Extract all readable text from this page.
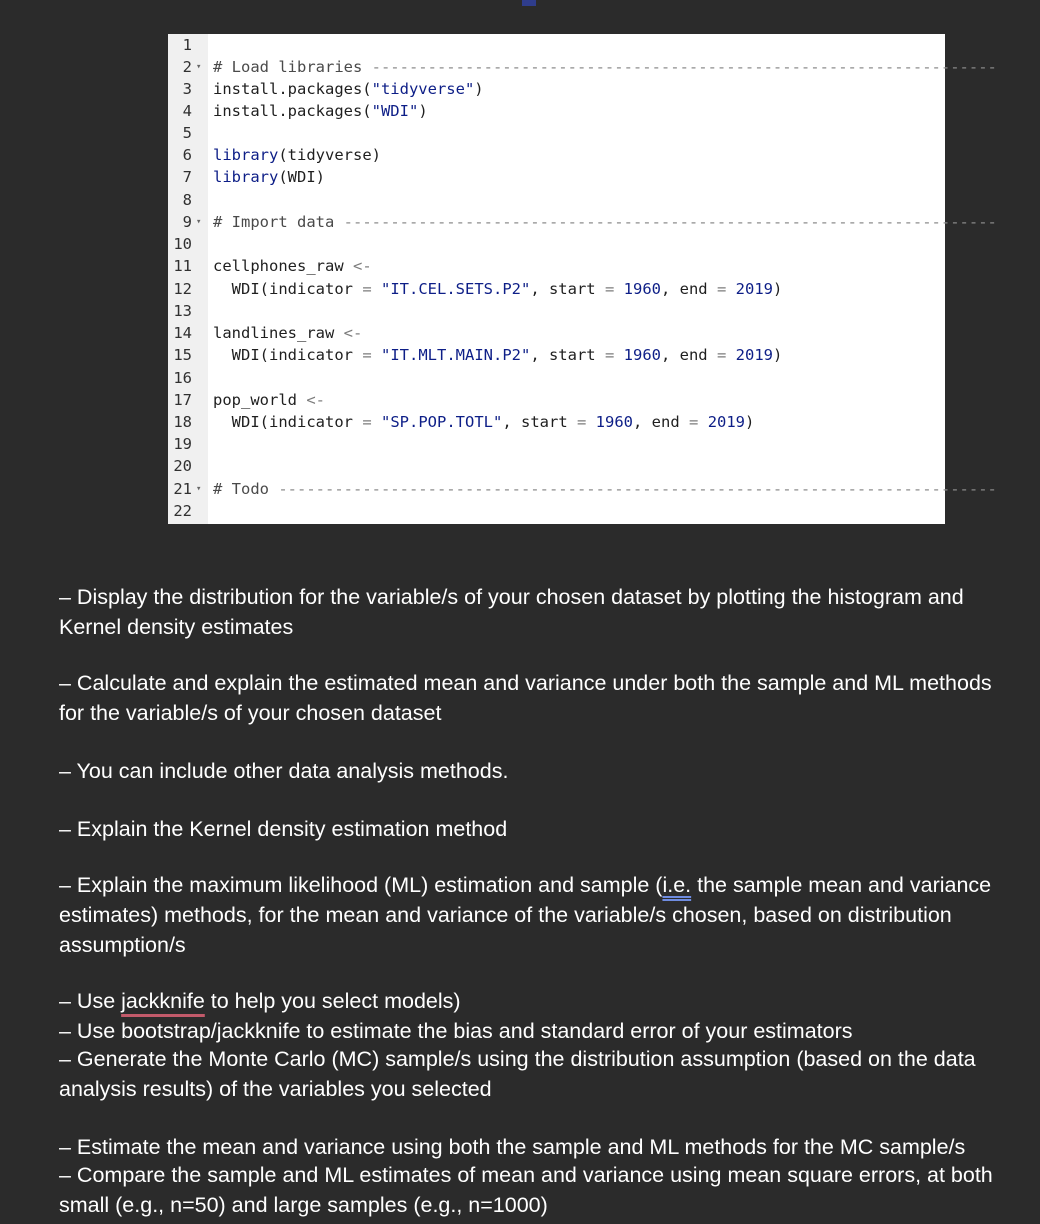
1
2 ▾ # Load libraries -------------------------------------------------------------------
3 install.packages("tidyverse")
4 install.packages("WDI")
5
6 library(tidyverse)
7 library(WDI)
8
9 ▾ # Import data ----------------------------------------------------------------------
10
11 cellphones_raw <-
12 WDI(indicator = "IT.CEL.SETS.P2", start = 1960, end = 2019)
13
14 landlines_raw <-
15 WDI(indicator = "IT.MLT.MAIN.P2", start = 1960, end = 2019)
16
17 pop_world <-
18 WDI(indicator = "SP.POP.TOTL", start = 1960, end = 2019)
19
20
21 ▾ # Todo -----------------------------------------------------------------------------
22
– Display the distribution for the variable/s of your chosen dataset by plotting the histogram and Kernel density estimates
– Calculate and explain the estimated mean and variance under both the sample and ML methods for the variable/s of your chosen dataset
– You can include other data analysis methods.
– Explain the Kernel density estimation method
– Explain the maximum likelihood (ML) estimation and sample (i.e. the sample mean and variance estimates) methods, for the mean and variance of the variable/s chosen, based on distribution assumption/s
– Use jackknife to help you select models)
– Use bootstrap/jackknife to estimate the bias and standard error of your estimators
– Generate the Monte Carlo (MC) sample/s using the distribution assumption (based on the data analysis results) of the variables you selected
– Estimate the mean and variance using both the sample and ML methods for the MC sample/s
– Compare the sample and ML estimates of mean and variance using mean square errors, at both small (e.g., n=50) and large samples (e.g., n=1000)
